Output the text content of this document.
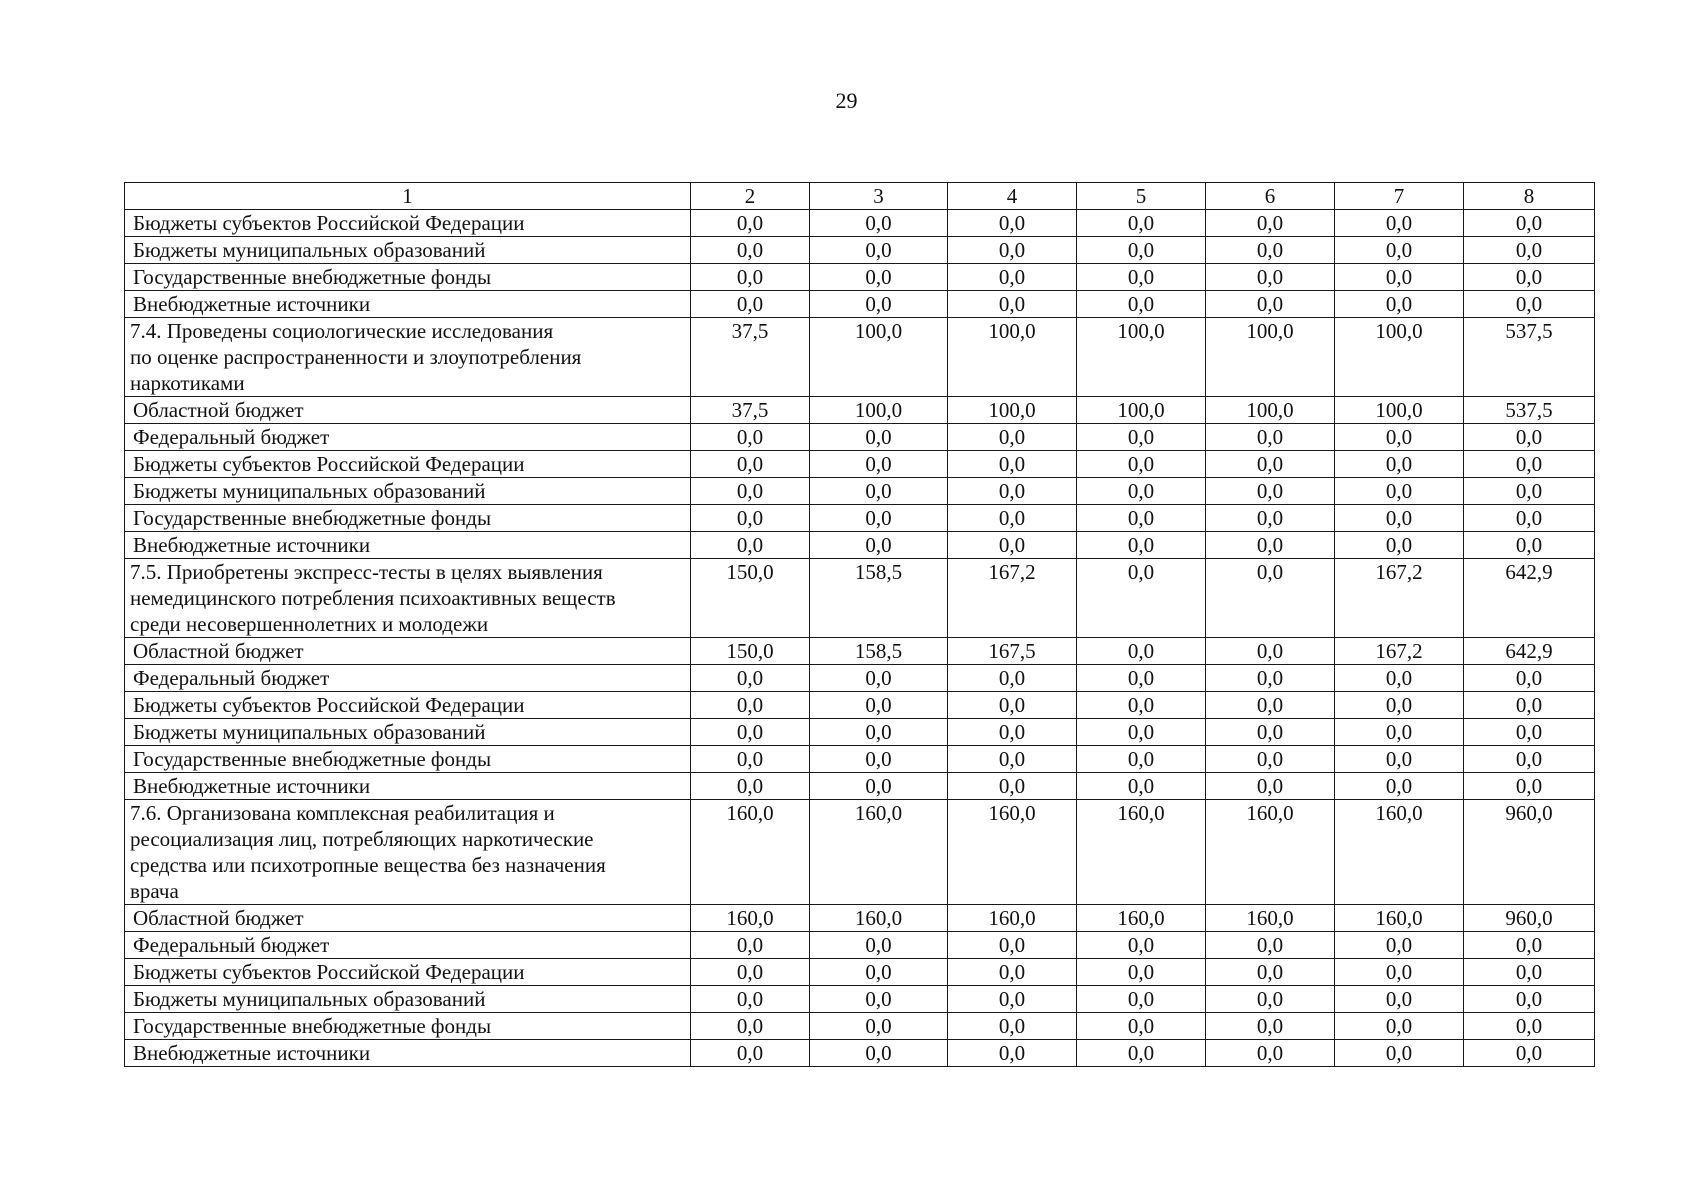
29
1	2	3	4	5	6	7	8
Бюджеты субъектов Российской Федерации	0,0	0,0	0,0	0,0	0,0	0,0	0,0
Бюджеты муниципальных образований	0,0	0,0	0,0	0,0	0,0	0,0	0,0
Государственные внебюджетные фонды	0,0	0,0	0,0	0,0	0,0	0,0	0,0
Внебюджетные источники	0,0	0,0	0,0	0,0	0,0	0,0	0,0

7.4. Проведены социологические исследования
по оценке распространенности и злоупотребления
наркотиками	37,5	100,0	100,0	100,0	100,0	100,0	537,5
Областной бюджет	37,5	100,0	100,0	100,0	100,0	100,0	537,5
Федеральный бюджет	0,0	0,0	0,0	0,0	0,0	0,0	0,0
Бюджеты субъектов Российской Федерации	0,0	0,0	0,0	0,0	0,0	0,0	0,0
Бюджеты муниципальных образований	0,0	0,0	0,0	0,0	0,0	0,0	0,0
Государственные внебюджетные фонды	0,0	0,0	0,0	0,0	0,0	0,0	0,0
Внебюджетные источники	0,0	0,0	0,0	0,0	0,0	0,0	0,0

7.5. Приобретены экспресс-тесты в целях выявления
немедицинского потребления психоактивных веществ
среди несовершеннолетних и молодежи	150,0	158,5	167,2	0,0	0,0	167,2	642,9
Областной бюджет	150,0	158,5	167,5	0,0	0,0	167,2	642,9
Федеральный бюджет	0,0	0,0	0,0	0,0	0,0	0,0	0,0
Бюджеты субъектов Российской Федерации	0,0	0,0	0,0	0,0	0,0	0,0	0,0
Бюджеты муниципальных образований	0,0	0,0	0,0	0,0	0,0	0,0	0,0
Государственные внебюджетные фонды	0,0	0,0	0,0	0,0	0,0	0,0	0,0
Внебюджетные источники	0,0	0,0	0,0	0,0	0,0	0,0	0,0

7.6. Организована комплексная реабилитация и
ресоциализация лиц, потребляющих наркотические
средства или психотропные вещества без назначения
врача	160,0	160,0	160,0	160,0	160,0	160,0	960,0
Областной бюджет	160,0	160,0	160,0	160,0	160,0	160,0	960,0
Федеральный бюджет	0,0	0,0	0,0	0,0	0,0	0,0	0,0
Бюджеты субъектов Российской Федерации	0,0	0,0	0,0	0,0	0,0	0,0	0,0
Бюджеты муниципальных образований	0,0	0,0	0,0	0,0	0,0	0,0	0,0
Государственные внебюджетные фонды	0,0	0,0	0,0	0,0	0,0	0,0	0,0
Внебюджетные источники	0,0	0,0	0,0	0,0	0,0	0,0	0,0
